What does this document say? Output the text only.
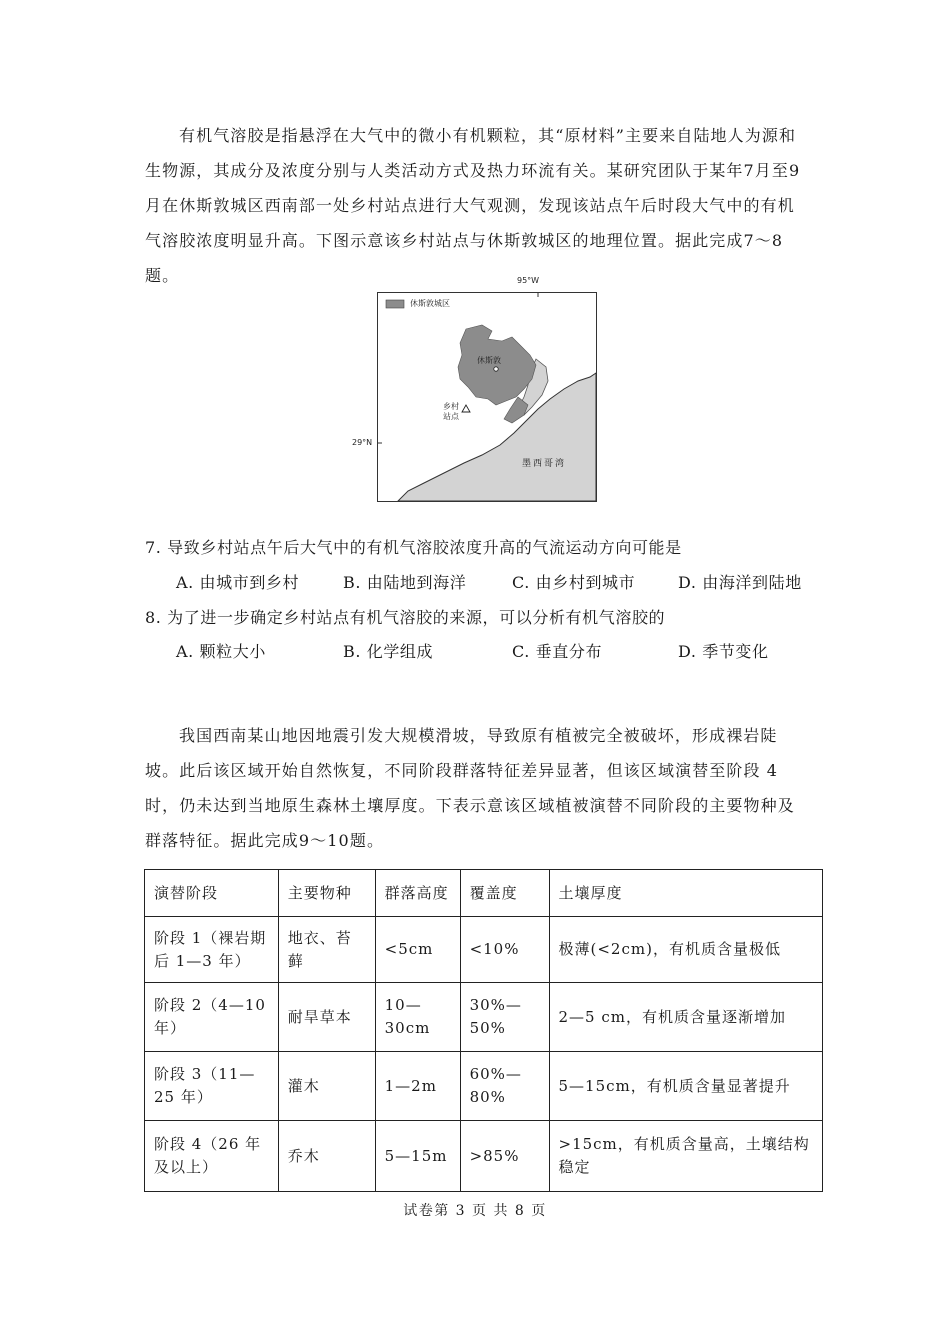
有机气溶胶是指悬浮在大气中的微小有机颗粒，其“原材料”主要来自陆地人为源和生物源，其成分及浓度分别与人类活动方式及热力环流有关。某研究团队于某年7月至9月在休斯敦城区西南部一处乡村站点进行大气观测，发现该站点午后时段大气中的有机气溶胶浓度明显升高。下图示意该乡村站点与休斯敦城区的地理位置。据此完成7～8题。	95°W
29°N
休斯敦城区
休斯敦
乡村
站点
墨西哥湾
7. 导致乡村站点午后大气中的有机气溶胶浓度升高的气流运动方向可能是
A. 由城市到乡村	B. 由陆地到海洋	C. 由乡村到城市	D. 由海洋到陆地
8. 为了进一步确定乡村站点有机气溶胶的来源，可以分析有机气溶胶的
A. 颗粒大小	B. 化学组成	C. 垂直分布	D. 季节变化

我国西南某山地因地震引发大规模滑坡，导致原有植被完全被破坏，形成裸岩陡坡。此后该区域开始自然恢复，不同阶段群落特征差异显著，但该区域演替至阶段 4 时，仍未达到当地原生森林土壤厚度。下表示意该区域植被演替不同阶段的主要物种及群落特征。据此完成9～10题。

演替阶段	主要物种	群落高度	覆盖度	土壤厚度
阶段 1（裸岩期后 1—3 年）	地衣、苔藓	<5cm	<10%	极薄(<2cm)，有机质含量极低
阶段 2（4—10 年）	耐旱草本	10—30cm	30%—50%	2—5 cm，有机质含量逐渐增加
阶段 3（11—25 年）	灌木	1—2m	60%—80%	5—15cm，有机质含量显著提升
阶段 4（26 年及以上）	乔木	5—15m	>85%	>15cm，有机质含量高，土壤结构稳定
试卷第 3 页 共 8 页
